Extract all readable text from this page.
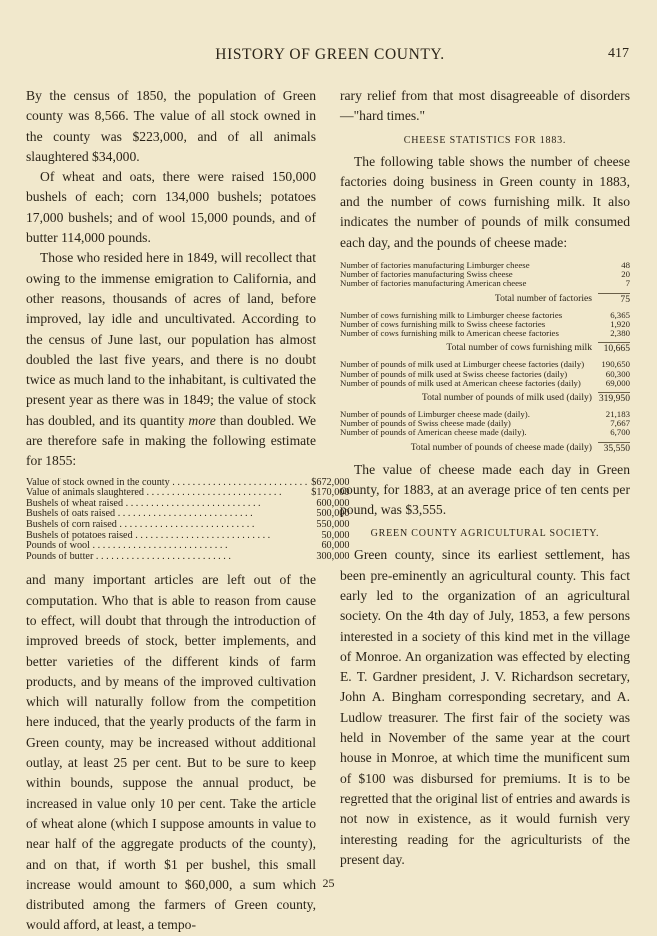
HISTORY OF GREEN COUNTY.	417

By the census of 1850, the population of Green county was 8,566. The value of all stock owned in the county was $223,000, and of all animals slaughtered $34,000.

Of wheat and oats, there were raised 150,000 bushels of each; corn 134,000 bushels; potatoes 17,000 bushels; and of wool 15,000 pounds, and of butter 114,000 pounds.

Those who resided here in 1849, will recollect that owing to the immense emigration to California, and other reasons, thousands of acres of land, before improved, lay idle and uncultivated. According to the census of June last, our population has almost doubled the last five years, and there is no doubt twice as much land to the inhabitant, is cultivated the present year as there was in 1849; the value of stock has doubled, and its quantity more than doubled. We are therefore safe in making the following estimate for 1855:

Value of stock owned in the county . . .	$672,000
Value of animals slaughtered . . .	$170,000
Bushels of wheat raised . . .	600,000
Bushels of oats raised . . .	500,000
Bushels of corn raised . . .	550,000
Bushels of potatoes raised . . .	50,000
Pounds of wool . . .	60,000
Pounds of butter . . .	300,000

and many important articles are left out of the computation. Who that is able to reason from cause to effect, will doubt that through the introduction of improved breeds of stock, better implements, and better varieties of the different kinds of farm products, and by means of the improved cultivation which will naturally follow from the competition here induced, that the yearly products of the farm in Green county, may be increased without additional outlay, at least 25 per cent. But to be sure to keep within bounds, suppose the annual product, be increased in value only 10 per cent. Take the article of wheat alone (which I suppose amounts in value to near half of the aggregate products of the county), and on that, if worth $1 per bushel, this small increase would amount to $60,000, a sum which distributed among the farmers of Green county, would afford, at least, a tempo-

rary relief from that most disagreeable of disorders—"hard times."

CHEESE STATISTICS FOR 1883.

The following table shows the number of cheese factories doing business in Green county in 1883, and the number of cows furnishing milk. It also indicates the number of pounds of milk consumed each day, and the pounds of cheese made:

Number of factories manufacturing Limburger cheese	48
Number of factories manufacturing Swiss cheese	20
Number of factories manufacturing American cheese	7
Total number of factories	75
Number of cows furnishing milk to Limburger cheese factories	6,365
Number of cows furnishing milk to Swiss cheese factories	1,920
Number of cows furnishing milk to American cheese factories	2,380
Total number of cows furnishing milk	10,665
Number of pounds of milk used at Limburger cheese factories (daily)	190,650
Number of pounds of milk used at Swiss cheese factories (daily)	60,300
Number of pounds of milk used at American cheese factories (daily)	69,000
Total number of pounds of milk used (daily) 319,950
Number of pounds of Limburger cheese made (daily).	21,183
Number of pounds of Swiss cheese made (daily)	7,667
Number of pounds of American cheese made (daily).	6,700
Total number of pounds of cheese made (daily)	35,550

The value of cheese made each day in Green county, for 1883, at an average price of ten cents per pound, was $3,555.

GREEN COUNTY AGRICULTURAL SOCIETY.

Green county, since its earliest settlement, has been pre-eminently an agricultural county. This fact early led to the organization of an agricultural society. On the 4th day of July, 1853, a few persons interested in a society of this kind met in the village of Monroe. An organization was effected by electing E. T. Gardner president, J. V. Richardson secretary, John A. Bingham corresponding secretary, and A. Ludlow treasurer. The first fair of the society was held in November of the same year at the court house in Monroe, at which time the munificent sum of $100 was disbursed for premiums. It is to be regretted that the original list of entries and awards is not now in existence, as it would furnish very interesting reading for the agriculturists of the present day.

25
